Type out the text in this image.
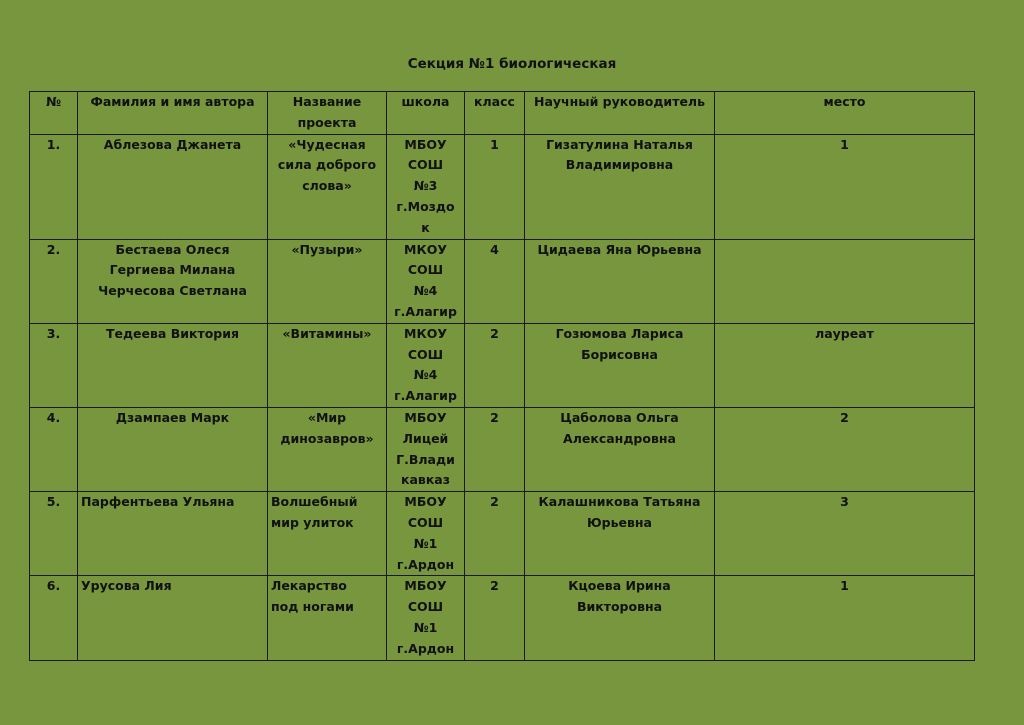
Секция №1 биологическая
№	Фамилия и имя автора	Название проекта	школа	класс	Научный руководитель	место
1.	Аблезова Джанета	«Чудесная
сила доброго
слова»	МБОУ
СОШ
№3
г.Моздо
к	1	Гизатулина Наталья
Владимировна	1
2.	Бестаева Олеся
Гергиева Милана
Черчесова Светлана	«Пузыри»	МКОУ
СОШ
№4
г.Алагир	4	Цидаева Яна Юрьевна	

3.	Тедеева Виктория	«Витамины»	МКОУ
СОШ
№4
г.Алагир	2	Гозюмова Лариса
Борисовна	лауреат
4.	Дзампаев Марк	«Мир
динозавров»	МБОУ
Лицей
Г.Влади
кавказ	2	Цаболова Ольга
Александровна	2
5.	Парфентьева Ульяна	Волшебный
мир улиток	МБОУ
СОШ
№1
г.Ардон	2	Калашникова Татьяна
Юрьевна	3
6.	Урусова Лия	Лекарство
под ногами	МБОУ
СОШ
№1
г.Ардон	2	Кцоева Ирина
Викторовна	1
